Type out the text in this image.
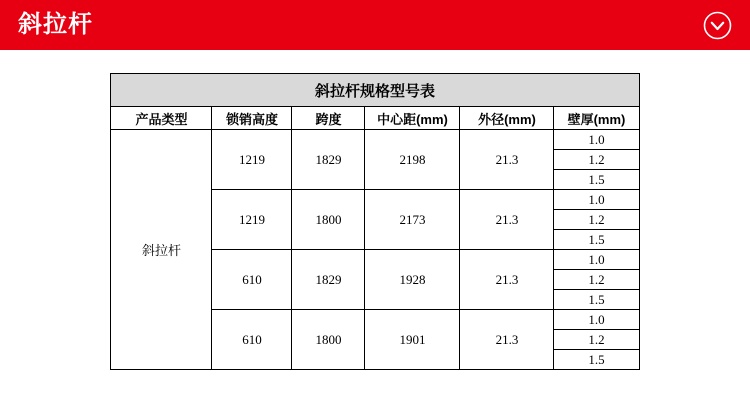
斜拉杆
斜拉杆规格型号表					
产品类型	锁销高度	跨度	中心距(mm)	外径(mm)	壁厚(mm)
斜拉杆	1219	1829	2198	21.3	1.0
					1.2
					1.5
	1219	1800	2173	21.3	1.0
					1.2
					1.5
	610	1829	1928	21.3	1.0
					1.2
					1.5
	610	1800	1901	21.3	1.0
					1.2
					1.5
